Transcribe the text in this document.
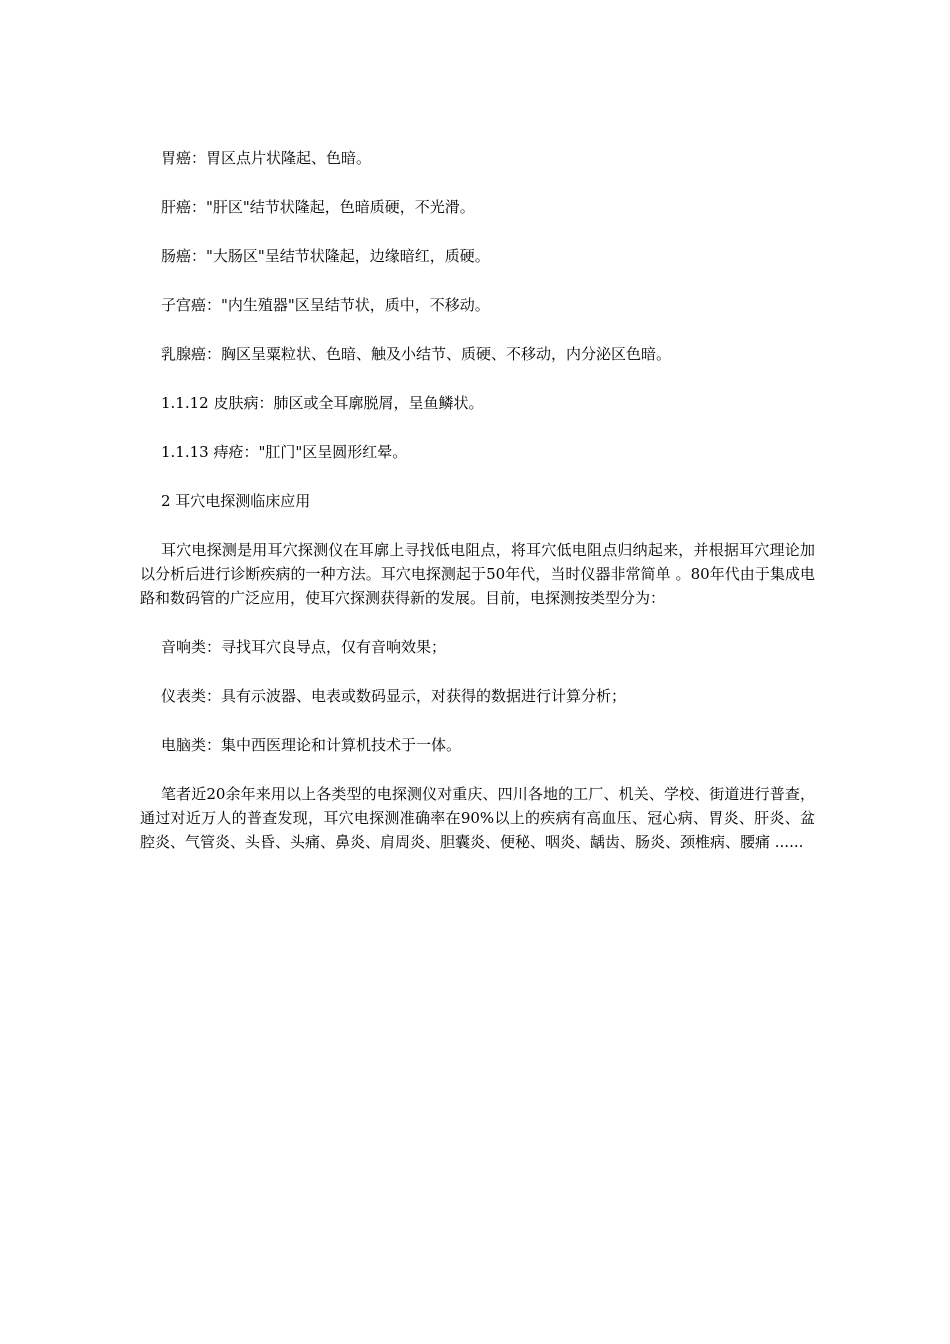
胃癌：胃区点片状隆起、色暗。

肝癌："肝区"结节状隆起，色暗质硬，不光滑。

肠癌："大肠区"呈结节状隆起，边缘暗红，质硬。

子宫癌："内生殖器"区呈结节状，质中，不移动。

乳腺癌：胸区呈粟粒状、色暗、触及小结节、质硬、不移动，内分泌区色暗。

1.1.12 皮肤病：肺区或全耳廓脱屑，呈鱼鳞状。

1.1.13 痔疮："肛门"区呈圆形红晕。

2 耳穴电探测临床应用

耳穴电探测是用耳穴探测仪在耳廓上寻找低电阻点，将耳穴低电阻点归纳起来，并根据耳穴理论加以分析后进行诊断疾病的一种方法。耳穴电探测起于50年代，当时仪器非常简单 。80年代由于集成电路和数码管的广泛应用，使耳穴探测获得新的发展。目前，电探测按类型分为：

音响类：寻找耳穴良导点，仅有音响效果；

仪表类：具有示波器、电表或数码显示，对获得的数据进行计算分析；

电脑类：集中西医理论和计算机技术于一体。

笔者近20余年来用以上各类型的电探测仪对重庆、四川各地的工厂、机关、学校、街道进行普查，通过对近万人的普查发现，耳穴电探测准确率在90%以上的疾病有高血压、冠心病、胃炎、肝炎、盆腔炎、气管炎、头昏、头痛、鼻炎、肩周炎、胆囊炎、便秘、咽炎、龋齿、肠炎、颈椎病、腰痛 ......
